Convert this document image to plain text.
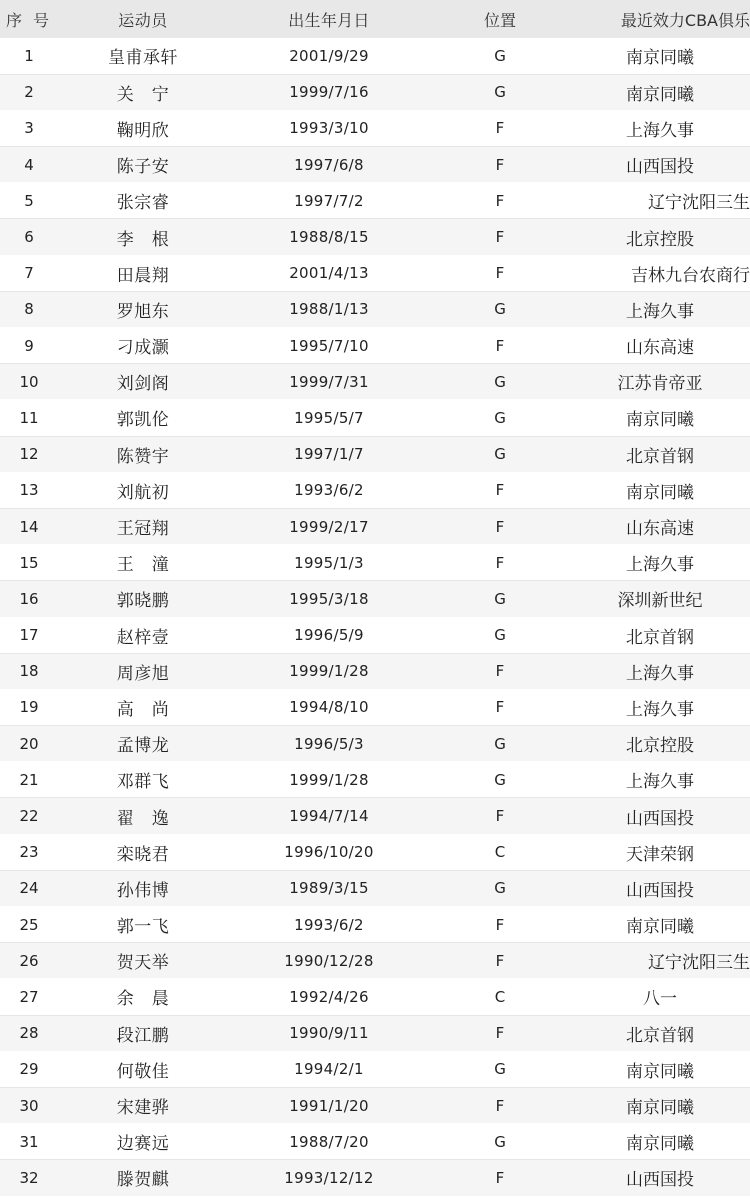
序 号	运动员	出生年月日	位置	最近效力CBA俱乐
1	皇甫承轩	2001/9/29	G	南京同曦
2	关　宁	1999/7/16	G	南京同曦
3	鞠明欣	1993/3/10	F	上海久事
4	陈子安	1997/6/8	F	山西国投
5	张宗睿	1997/7/2	F	辽宁沈阳三生
6	李　根	1988/8/15	F	北京控股
7	田晨翔	2001/4/13	F	吉林九台农商行
8	罗旭东	1988/1/13	G	上海久事
9	刁成灏	1995/7/10	F	山东高速
10	刘剑阁	1999/7/31	G	江苏肯帝亚
11	郭凯伦	1995/5/7	G	南京同曦
12	陈赞宇	1997/1/7	G	北京首钢
13	刘航初	1993/6/2	F	南京同曦
14	王冠翔	1999/2/17	F	山东高速
15	王　潼	1995/1/3	F	上海久事
16	郭晓鹏	1995/3/18	G	深圳新世纪
17	赵梓壹	1996/5/9	G	北京首钢
18	周彦旭	1999/1/28	F	上海久事
19	高　尚	1994/8/10	F	上海久事
20	孟博龙	1996/5/3	G	北京控股
21	邓群飞	1999/1/28	G	上海久事
22	翟　逸	1994/7/14	F	山西国投
23	栾晓君	1996/10/20	C	天津荣钢
24	孙伟博	1989/3/15	G	山西国投
25	郭一飞	1993/6/2	F	南京同曦
26	贺天举	1990/12/28	F	辽宁沈阳三生
27	余　晨	1992/4/26	C	八一
28	段江鹏	1990/9/11	F	北京首钢
29	何敬佳	1994/2/1	G	南京同曦
30	宋建骅	1991/1/20	F	南京同曦
31	边赛远	1988/7/20	G	南京同曦
32	滕贺麒	1993/12/12	F	山西国投
